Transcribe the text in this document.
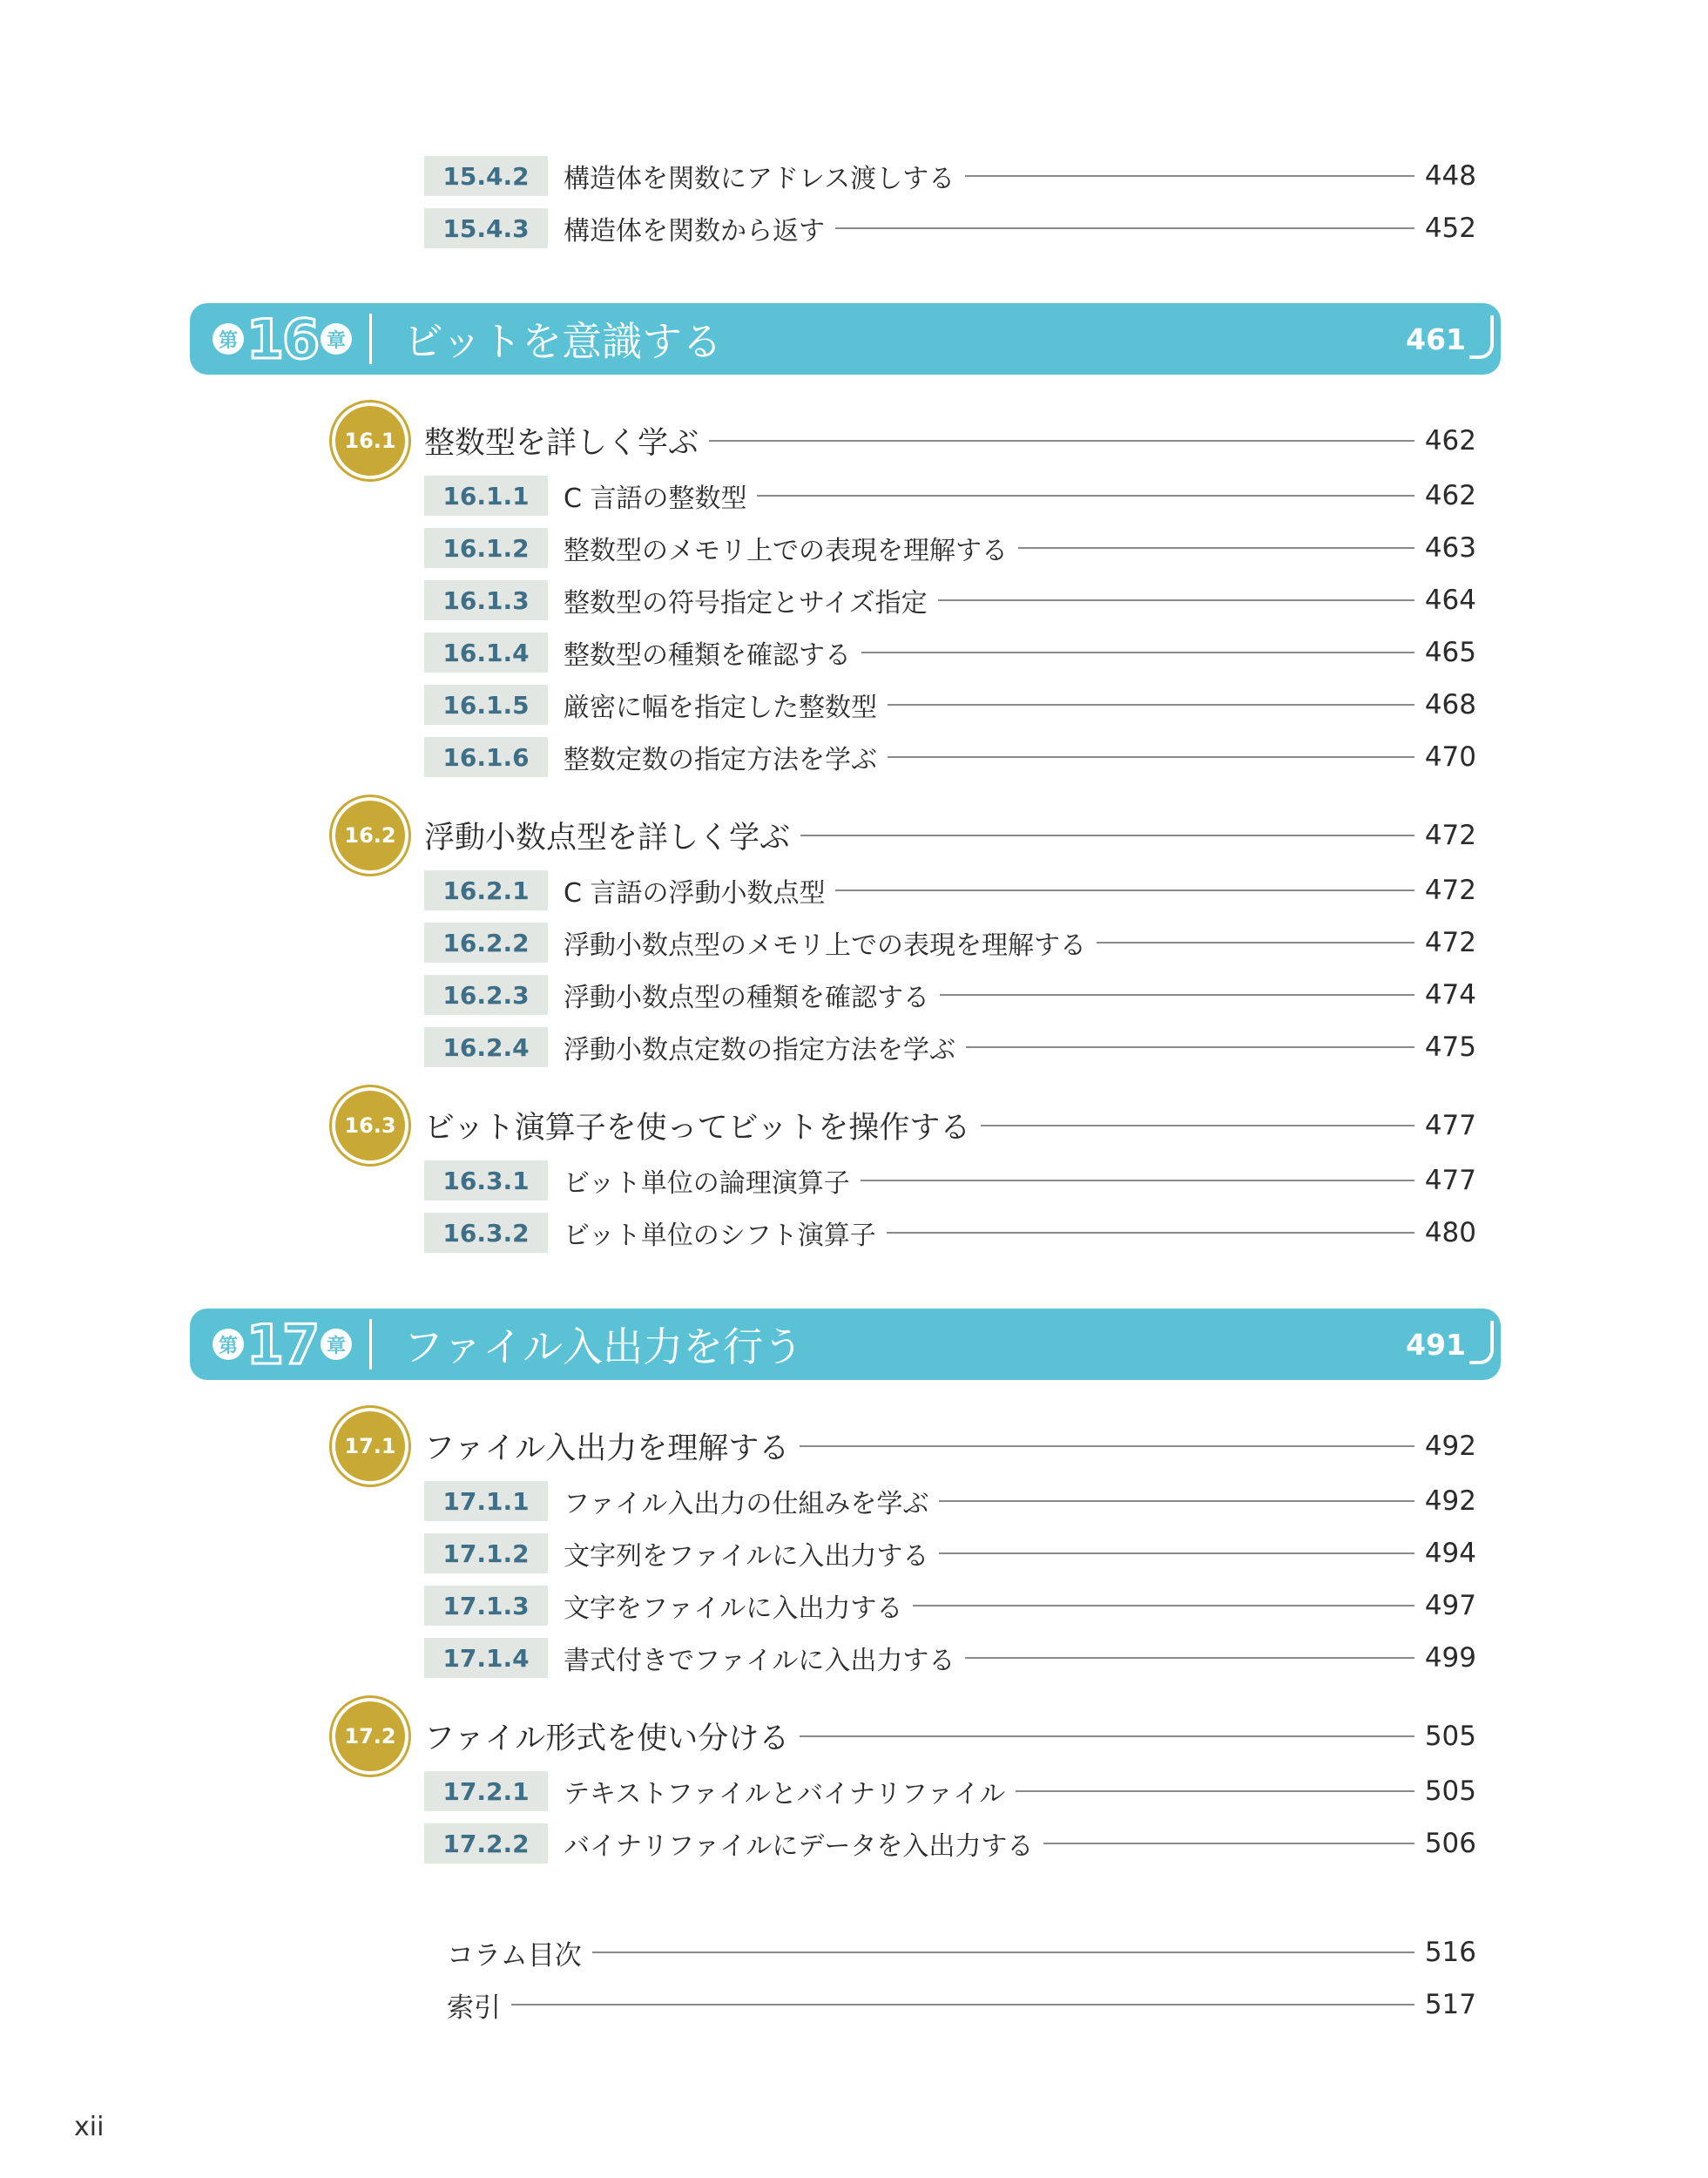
15.4.2	構造体を関数にアドレス渡しする	448
15.4.3	構造体を関数から返す	452
第 16 章 ビットを意識する	461
16.1 整数型を詳しく学ぶ	462
16.1.1	C 言語の整数型	462
16.1.2	整数型のメモリ上での表現を理解する	463
16.1.3	整数型の符号指定とサイズ指定	464
16.1.4	整数型の種類を確認する	465
16.1.5	厳密に幅を指定した整数型	468
16.1.6	整数定数の指定方法を学ぶ	470
16.2 浮動小数点型を詳しく学ぶ	472
16.2.1	C 言語の浮動小数点型	472
16.2.2	浮動小数点型のメモリ上での表現を理解する	472
16.2.3	浮動小数点型の種類を確認する	474
16.2.4	浮動小数点定数の指定方法を学ぶ	475
16.3 ビット演算子を使ってビットを操作する	477
16.3.1	ビット単位の論理演算子	477
16.3.2	ビット単位のシフト演算子	480
第 17 章 ファイル入出力を行う	491
17.1 ファイル入出力を理解する	492
17.1.1	ファイル入出力の仕組みを学ぶ	492
17.1.2	文字列をファイルに入出力する	494
17.1.3	文字をファイルに入出力する	497
17.1.4	書式付きでファイルに入出力する	499
17.2 ファイル形式を使い分ける	505
17.2.1	テキストファイルとバイナリファイル	505
17.2.2	バイナリファイルにデータを入出力する	506
コラム目次	516
索引	517
xii
